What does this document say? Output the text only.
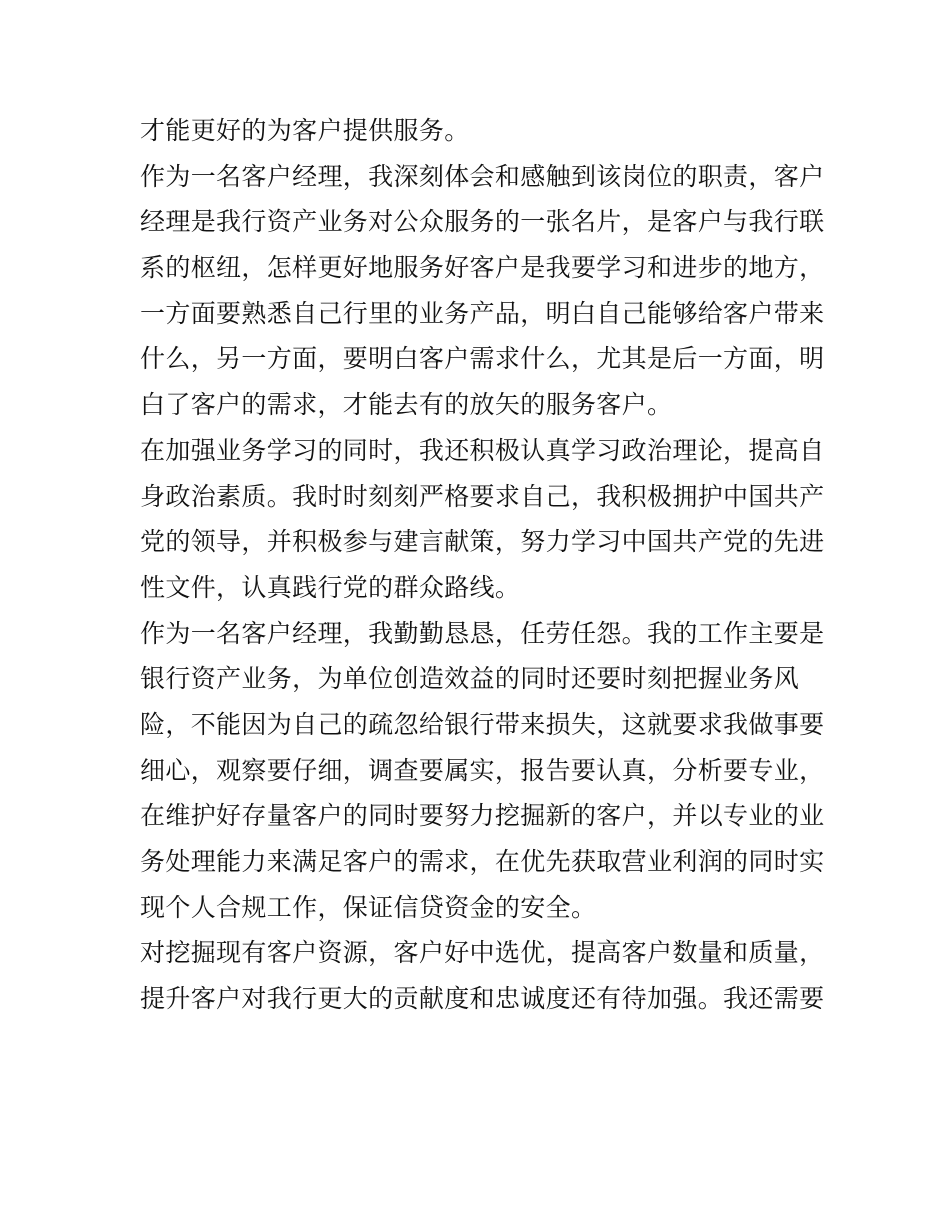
才能更好的为客户提供服务。
作为一名客户经理，我深刻体会和感触到该岗位的职责，客户
经理是我行资产业务对公众服务的一张名片，是客户与我行联
系的枢纽，怎样更好地服务好客户是我要学习和进步的地方，
一方面要熟悉自己行里的业务产品，明白自己能够给客户带来
什么，另一方面，要明白客户需求什么，尤其是后一方面，明
白了客户的需求，才能去有的放矢的服务客户。
在加强业务学习的同时，我还积极认真学习政治理论，提高自
身政治素质。我时时刻刻严格要求自己，我积极拥护中国共产
党的领导，并积极参与建言献策，努力学习中国共产党的先进
性文件，认真践行党的群众路线。
作为一名客户经理，我勤勤恳恳，任劳任怨。我的工作主要是
银行资产业务，为单位创造效益的同时还要时刻把握业务风
险，不能因为自己的疏忽给银行带来损失，这就要求我做事要
细心，观察要仔细，调查要属实，报告要认真，分析要专业，
在维护好存量客户的同时要努力挖掘新的客户，并以专业的业
务处理能力来满足客户的需求，在优先获取营业利润的同时实
现个人合规工作，保证信贷资金的安全。
对挖掘现有客户资源，客户好中选优，提高客户数量和质量，
提升客户对我行更大的贡献度和忠诚度还有待加强。我还需要
